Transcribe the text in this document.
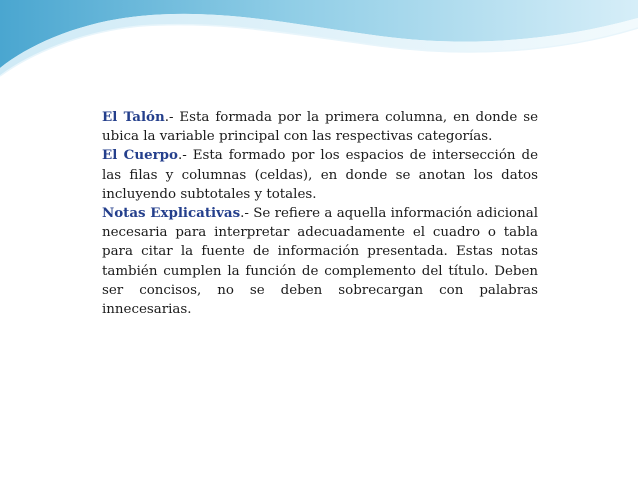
El Talón.- Esta formada por la primera columna, en donde se ubica la variable principal con las respectivas categorías.

El Cuerpo.- Esta formado por los espacios de intersección de las filas y columnas (celdas), en donde se anotan los datos incluyendo subtotales y totales.

Notas Explicativas.- Se refiere a aquella información adicional necesaria para interpretar adecuadamente el cuadro o tabla para citar la fuente de información presentada. Estas notas también cumplen la función de complemento del título. Deben ser concisos, no se deben sobrecargan con palabras innecesarias.
